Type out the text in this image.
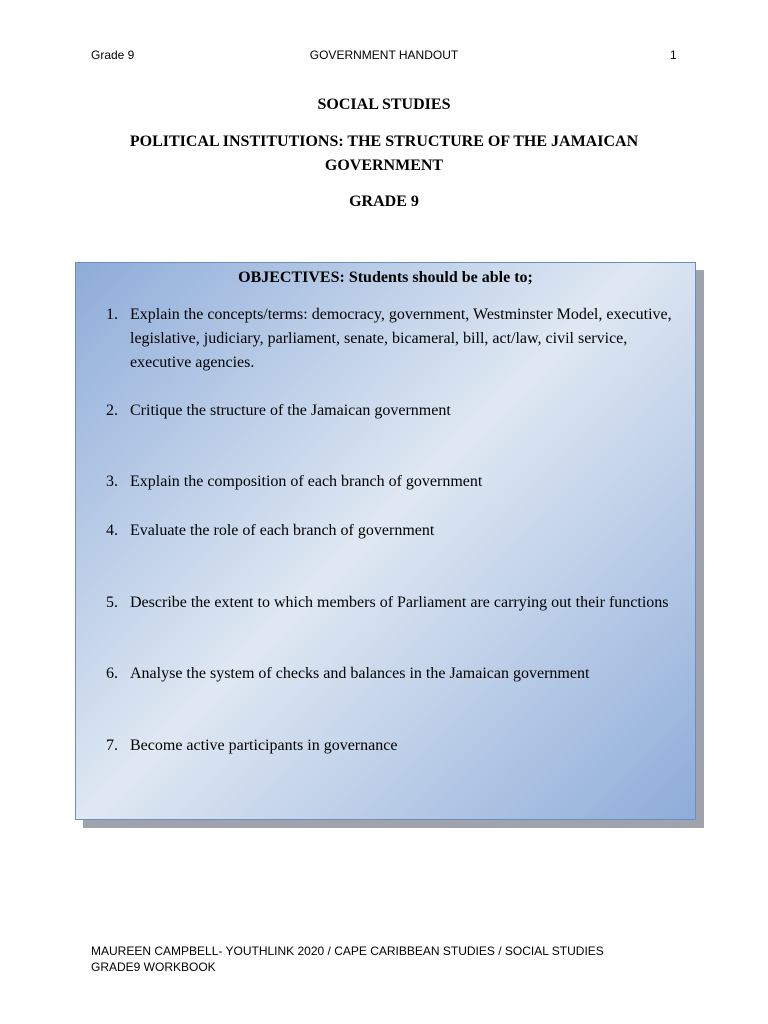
GOVERNMENT HANDOUT
Grade 9	1
SOCIAL STUDIES
POLITICAL INSTITUTIONS: THE STRUCTURE OF THE JAMAICAN GOVERNMENT
GRADE 9
OBJECTIVES: Students should be able to;
1. Explain the concepts/terms: democracy, government, Westminster Model, executive, legislative, judiciary, parliament, senate, bicameral, bill, act/law, civil service, executive agencies.
2. Critique the structure of the Jamaican government
3. Explain the composition of each branch of government
4. Evaluate the role of each branch of government
5. Describe the extent to which members of Parliament are carrying out their functions
6. Analyse the system of checks and balances in the Jamaican government
7. Become active participants in governance
MAUREEN CAMPBELL- YOUTHLINK 2020 / CAPE CARIBBEAN STUDIES / SOCIAL STUDIES GRADE9 WORKBOOK
